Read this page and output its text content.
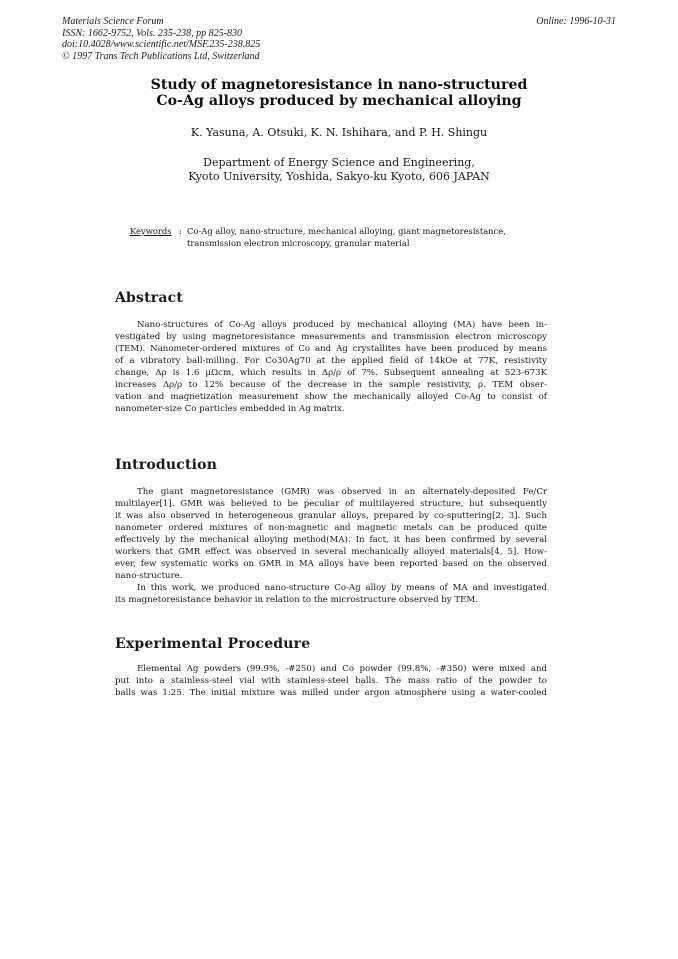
Materials Science Forum
ISSN: 1662-9752, Vols. 235-238, pp 825-830
doi:10.4028/www.scientific.net/MSF.235-238.825
© 1997 Trans Tech Publications Ltd, Switzerland
Online: 1996-10-31
Study of magnetoresistance in nano-structured
Co-Ag alloys produced by mechanical alloying
K. Yasuna, A. Otsuki, K. N. Ishihara, and P. H. Shingu
Department of Energy Science and Engineering,
Kyoto University, Yoshida, Sakyo-ku Kyoto, 606 JAPAN
Keywords : Co-Ag alloy, nano-structure, mechanical alloying, giant magnetoresistance,
transmission electron microscopy, granular material
Abstract
Nano-structures of Co-Ag alloys produced by mechanical alloying (MA) have been in-
vestigated by using magnetoresistance measurements and transmission electron microscopy
(TEM). Nanometer-ordered mixtures of Co and Ag crystallites have been produced by means
of a vibratory ball-milling. For Co30Ag70 at the applied field of 14kOe at 77K, resistivity
change, Δρ is 1.6 μΩcm, which results in Δρ/ρ of 7%. Subsequent annealing at 523-673K
increases Δρ/ρ to 12% because of the decrease in the sample resistivity, ρ. TEM obser-
vation and magnetization measurement show the mechanically alloyed Co-Ag to consist of
nanometer-size Co particles embedded in Ag matrix.
Introduction
The giant magnetoresistance (GMR) was observed in an alternately-deposited Fe/Cr
multilayer[1]. GMR was believed to be peculiar of multilayered structure, but subsequently
it was also observed in heterogeneous granular alloys, prepared by co-sputtering[2, 3]. Such
nanometer ordered mixtures of non-magnetic and magnetic metals can be produced quite
effectively by the mechanical alloying method(MA). In fact, it has been confirmed by several
workers that GMR effect was observed in several mechanically alloyed materials[4, 5]. How-
ever, few systematic works on GMR in MA alloys have been reported based on the observed
nano-structure.
In this work, we produced nano-structure Co-Ag alloy by means of MA and investigated
its magnetoresistance behavior in relation to the microstructure observed by TEM.
Experimental Procedure
Elemental Ag powders (99.9%, -#250) and Co powder (99.8%, -#350) were mixed and
put into a stainless-steel vial with stainless-steel balls. The mass ratio of the powder to
balls was 1:25. The initial mixture was milled under argon atmosphere using a water-cooled
